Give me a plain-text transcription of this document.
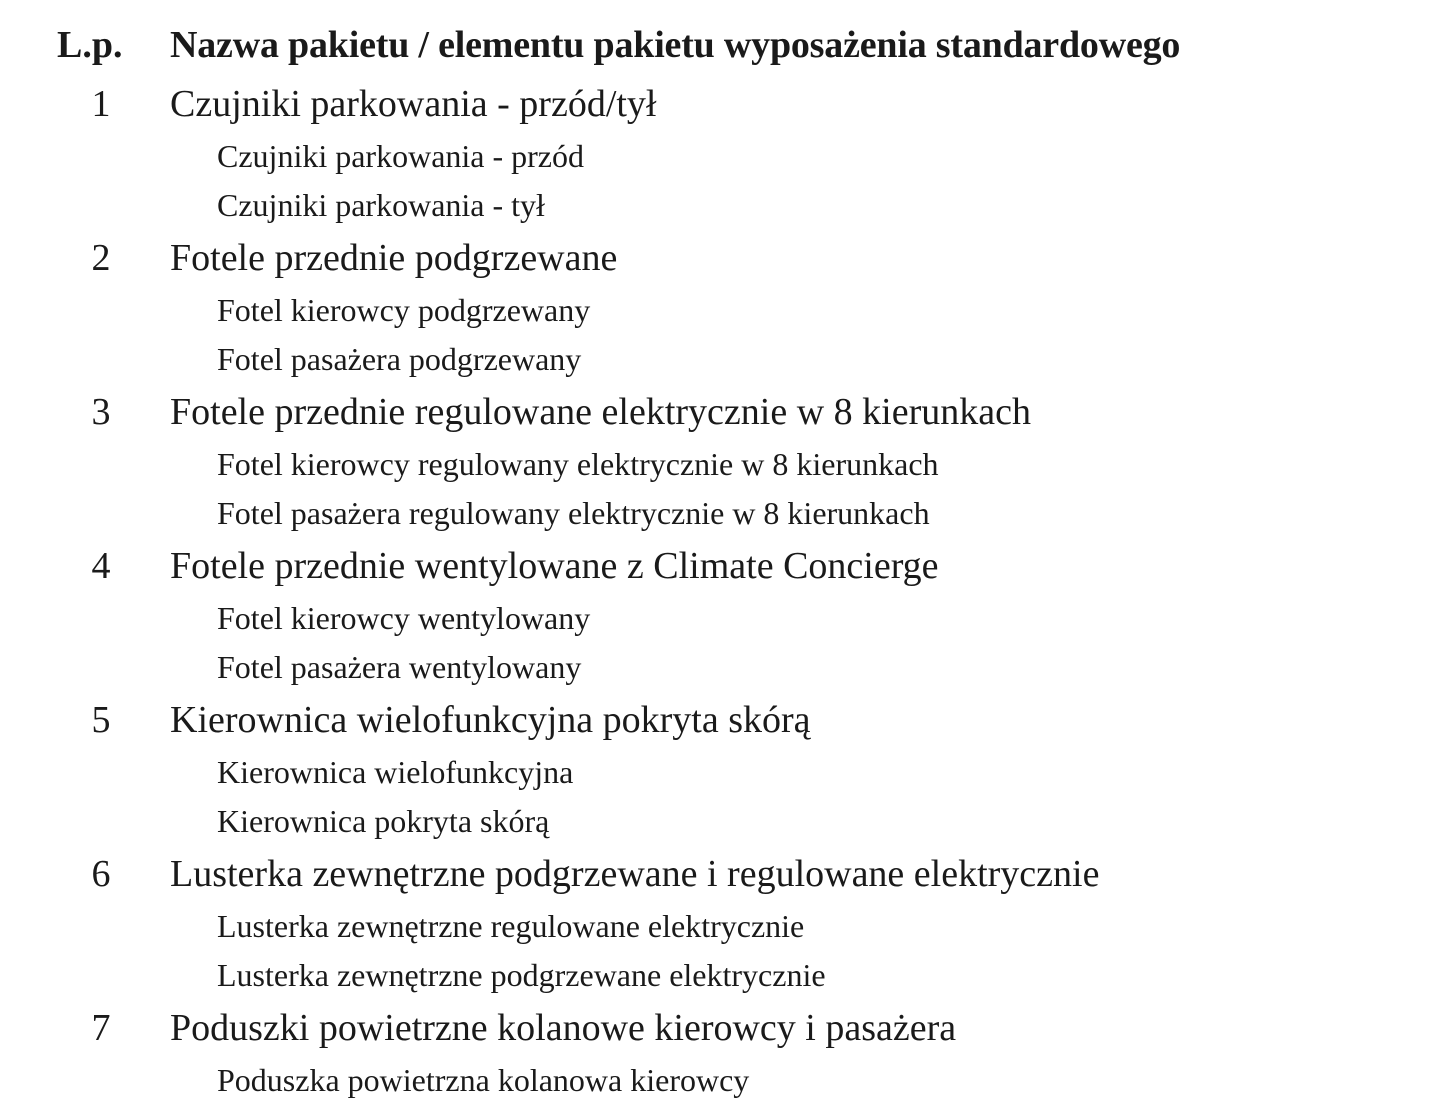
L.p. Nazwa pakietu / elementu pakietu wyposażenia standardowego
1 Czujniki parkowania - przód/tył
Czujniki parkowania - przód
Czujniki parkowania - tył
2 Fotele przednie podgrzewane
Fotel kierowcy podgrzewany
Fotel pasażera podgrzewany
3 Fotele przednie regulowane elektrycznie w 8 kierunkach
Fotel kierowcy regulowany elektrycznie w 8 kierunkach
Fotel pasażera regulowany elektrycznie w 8 kierunkach
4 Fotele przednie wentylowane z Climate Concierge
Fotel kierowcy wentylowany
Fotel pasażera wentylowany
5 Kierownica wielofunkcyjna pokryta skórą
Kierownica wielofunkcyjna
Kierownica pokryta skórą
6 Lusterka zewnętrzne podgrzewane i regulowane elektrycznie
Lusterka zewnętrzne regulowane elektrycznie
Lusterka zewnętrzne podgrzewane elektrycznie
7 Poduszki powietrzne kolanowe kierowcy i pasażera
Poduszka powietrzna kolanowa kierowcy
